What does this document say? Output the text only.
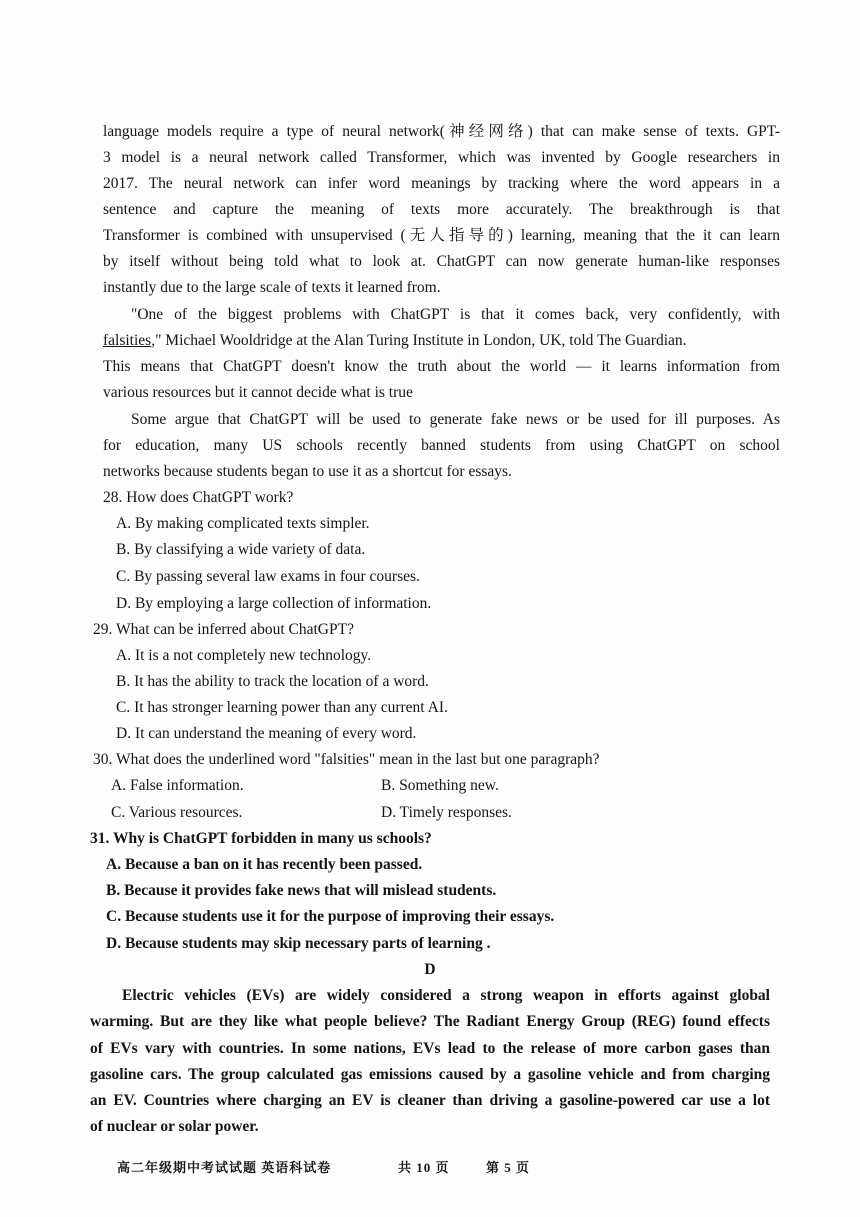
language models require a type of neural network(神经网络) that can make sense of texts. GPT-
3 model is a neural network called Transformer, which was invented by Google researchers in
2017. The neural network can infer word meanings by tracking where the word appears in a
sentence and capture the meaning of texts more accurately. The breakthrough is that
Transformer is combined with unsupervised (无人指导的) learning, meaning that the it can learn
by itself without being told what to look at. ChatGPT can now generate human-like responses
instantly due to the large scale of texts it learned from.
"One of the biggest problems with ChatGPT is that it comes back, very confidently, with
falsities," Michael Wooldridge at the Alan Turing Institute in London, UK, told The Guardian.
This means that ChatGPT doesn't know the truth about the world — it learns information from
various resources but it cannot decide what is true
Some argue that ChatGPT will be used to generate fake news or be used for ill purposes. As
for education, many US schools recently banned students from using ChatGPT on school
networks because students began to use it as a shortcut for essays.
28. How does ChatGPT work?
A. By making complicated texts simpler.
B. By classifying a wide variety of data.
C. By passing several law exams in four courses.
D. By employing a large collection of information.
29. What can be inferred about ChatGPT?
A. It is a not completely new technology.
B. It has the ability to track the location of a word.
C. It has stronger learning power than any current AI.
D. It can understand the meaning of every word.
30. What does the underlined word "falsities" mean in the last but one paragraph?
A. False information.	B. Something new.
C. Various resources.	D. Timely responses.
31. Why is ChatGPT forbidden in many us schools?
A. Because a ban on it has recently been passed.
B. Because it provides fake news that will mislead students.
C. Because students use it for the purpose of improving their essays.
D. Because students may skip necessary parts of learning .
D
Electric vehicles (EVs) are widely considered a strong weapon in efforts against global
warming. But are they like what people believe? The Radiant Energy Group (REG) found effects
of EVs vary with countries. In some nations, EVs lead to the release of more carbon gases than
gasoline cars. The group calculated gas emissions caused by a gasoline vehicle and from charging
an EV. Countries where charging an EV is cleaner than driving a gasoline-powered car use a lot
of nuclear or solar power.
高二年级期中考试试题 英语科试卷	共 10 页	第 5 页
